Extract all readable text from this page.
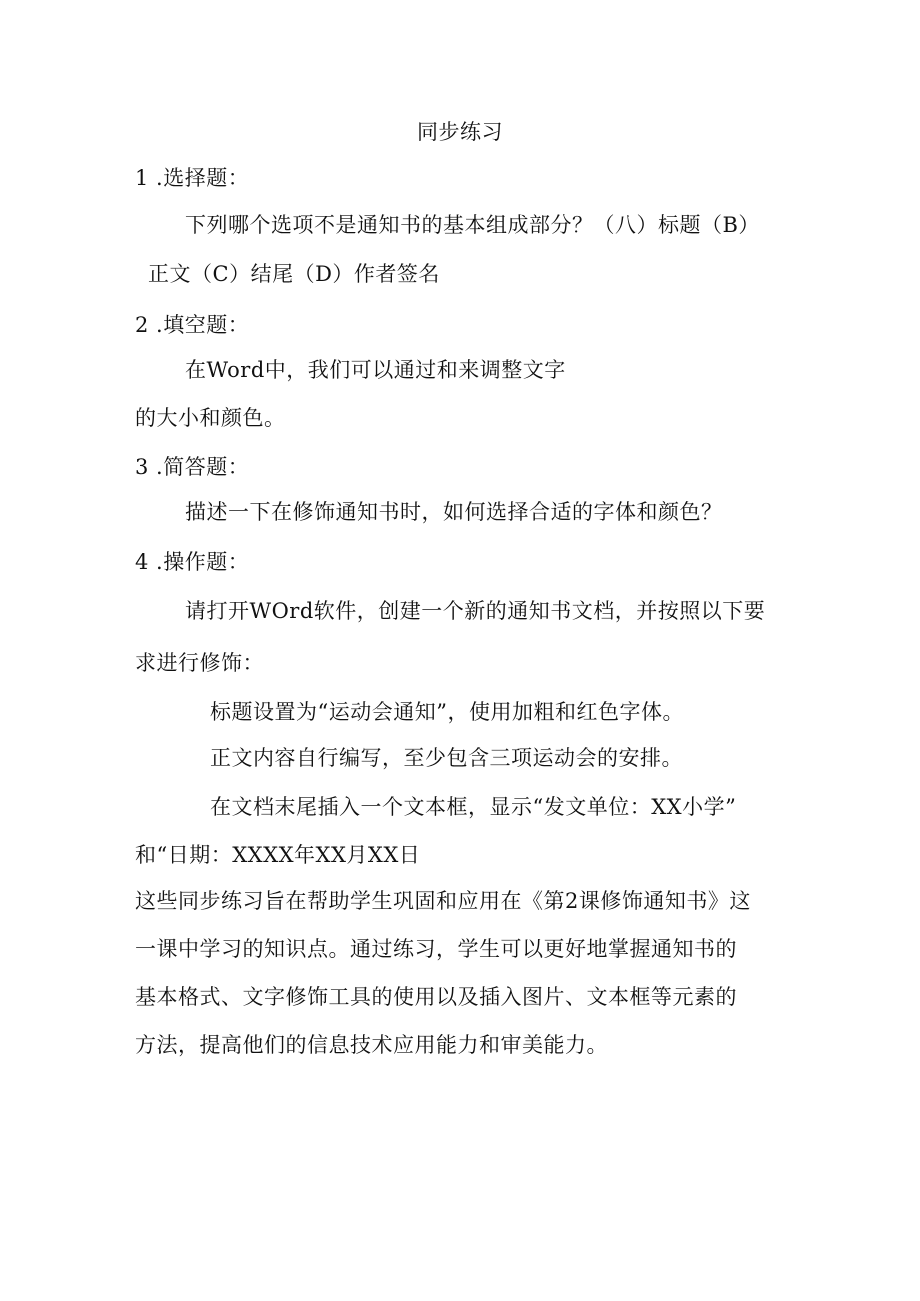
同步练习
1 .选择题：
下列哪个选项不是通知书的基本组成部分？（八）标题（B）
正文（C）结尾（D）作者签名
2 .填空题：
在Word中，我们可以通过和来调整文字
的大小和颜色。
3 .简答题：
描述一下在修饰通知书时，如何选择合适的字体和颜色？
4 .操作题：
请打开WOrd软件，创建一个新的通知书文档，并按照以下要
求进行修饰：
标题设置为“运动会通知”，使用加粗和红色字体。
正文内容自行编写，至少包含三项运动会的安排。
在文档末尾插入一个文本框，显示“发文单位：XX小学”
和“日期：XXXX年XX月XX日
这些同步练习旨在帮助学生巩固和应用在《第2课修饰通知书》这
一课中学习的知识点。通过练习，学生可以更好地掌握通知书的
基本格式、文字修饰工具的使用以及插入图片、文本框等元素的
方法，提高他们的信息技术应用能力和审美能力。
